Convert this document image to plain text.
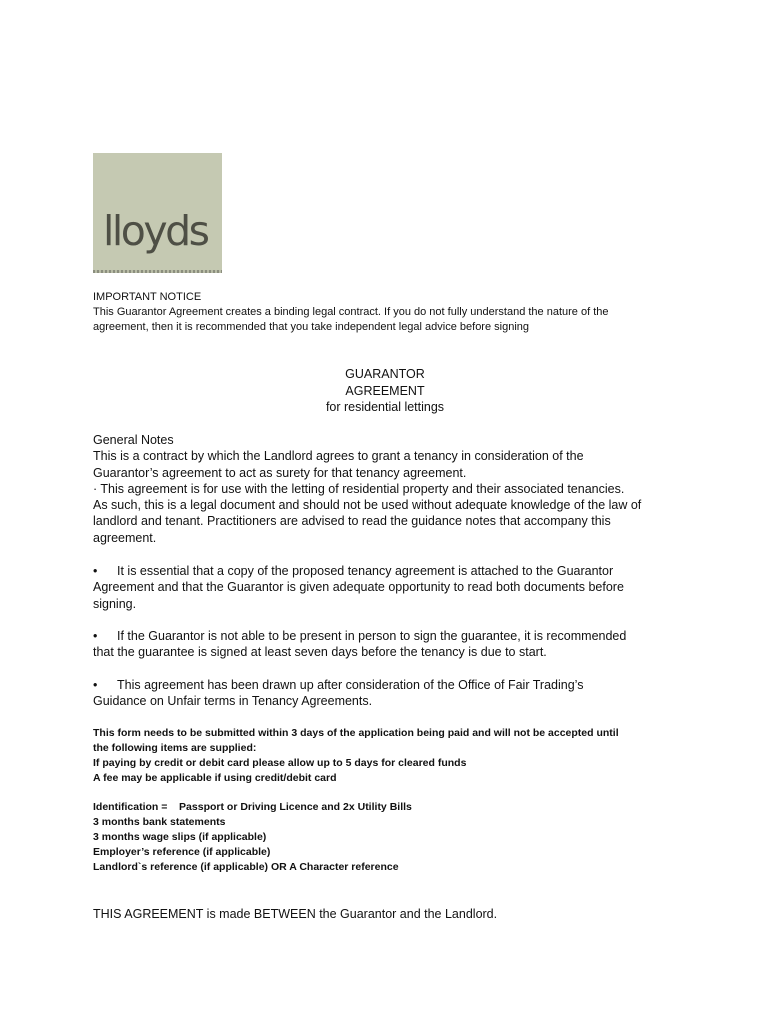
lloyds

IMPORTANT NOTICE

This Guarantor Agreement creates a binding legal contract. If you do not fully understand the nature of the

agreement, then it is recommended that you take independent legal advice before signing

GUARANTOR
AGREEMENT
for residential lettings

General Notes

This is a contract by which the Landlord agrees to grant a tenancy in consideration of the

Guarantor’s agreement to act as surety for that tenancy agreement.

· This agreement is for use with the letting of residential property and their associated tenancies.

As such, this is a legal document and should not be used without adequate knowledge of the law of

landlord and tenant. Practitioners are advised to read the guidance notes that accompany this

agreement.

• It is essential that a copy of the proposed tenancy agreement is attached to the Guarantor
Agreement and that the Guarantor is given adequate opportunity to read both documents before
signing.
• If the Guarantor is not able to be present in person to sign the guarantee, it is recommended
that the guarantee is signed at least seven days before the tenancy is due to start.
• This agreement has been drawn up after consideration of the Office of Fair Trading’s
Guidance on Unfair terms in Tenancy Agreements.

This form needs to be submitted within 3 days of the application being paid and will not be accepted until

the following items are supplied:

If paying by credit or debit card please allow up to 5 days for cleared funds

A fee may be applicable if using credit/debit card

Identification =    Passport or Driving Licence and 2x Utility Bills

3 months bank statements

3 months wage slips (if applicable)

Employer’s reference (if applicable)

Landlord`s reference (if applicable) OR A Character reference

THIS AGREEMENT is made BETWEEN the Guarantor and the Landlord.
